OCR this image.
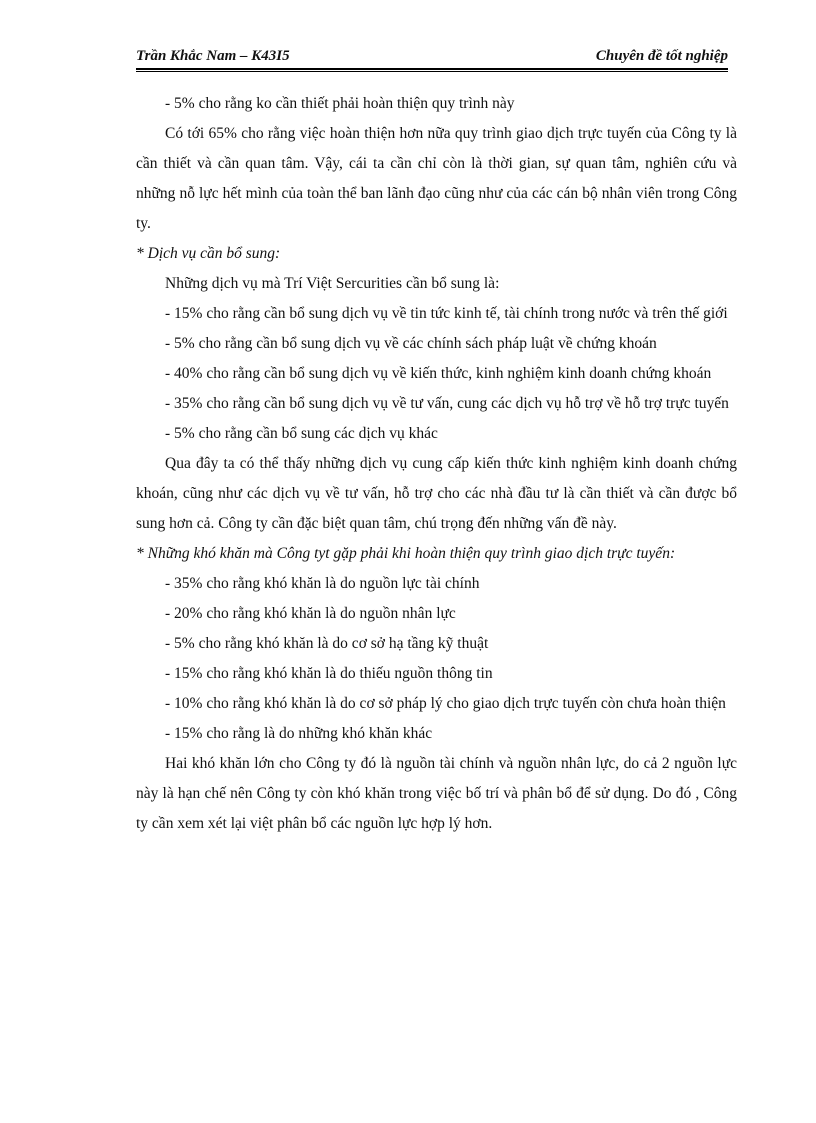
Trần Khắc Nam – K43I5	Chuyên đề tốt nghiệp

- 5% cho rằng ko cần thiết phải hoàn thiện quy trình này

Có tới 65% cho rằng việc hoàn thiện hơn nữa quy trình giao dịch trực tuyến của Công ty là cần thiết và cần quan tâm. Vậy, cái ta cần chỉ còn là thời gian, sự quan tâm, nghiên cứu và những nỗ lực hết mình của toàn thể ban lãnh đạo cũng như của các cán bộ nhân viên trong Công ty.

* Dịch vụ cần bổ sung:

Những dịch vụ mà Trí Việt Sercurities cần bổ sung là:

- 15% cho rằng cần bổ sung dịch vụ về tin tức kinh tế, tài chính trong nước và trên thế giới

- 5% cho rằng cần bổ sung dịch vụ về các chính sách pháp luật về chứng khoán

- 40% cho rằng cần bổ sung dịch vụ về kiến thức, kinh nghiệm kinh doanh chứng khoán

- 35% cho rằng cần bổ sung dịch vụ về tư vấn, cung các dịch vụ hỗ trợ về hỗ trợ trực tuyến

- 5% cho rằng cần bổ sung các dịch vụ khác

Qua đây ta có thể thấy những dịch vụ cung cấp kiến thức kinh nghiệm kinh doanh chứng khoán, cũng như các dịch vụ về tư vấn, hỗ trợ cho các nhà đầu tư là cần thiết và cần được bổ sung hơn cả. Công ty cần đặc biệt quan tâm, chú trọng đến những vấn đề này.

* Những khó khăn mà Công tyt gặp phải khi hoàn thiện quy trình giao dịch trực tuyến:

- 35% cho rằng khó khăn là do nguồn lực tài chính

- 20% cho rằng khó khăn là do nguồn nhân lực

- 5% cho rằng khó khăn là do cơ sở hạ tầng kỹ thuật

- 15% cho rằng khó khăn là do thiếu nguồn thông tin

- 10% cho rằng khó khăn là do cơ sở pháp lý cho giao dịch trực tuyến còn chưa hoàn thiện

- 15% cho rằng là do những khó khăn khác

Hai khó khăn lớn cho Công ty đó là nguồn tài chính và nguồn nhân lực, do cả 2 nguồn lực này là hạn chế nên Công ty còn khó khăn trong việc bố trí và phân bổ để sử dụng. Do đó , Công ty cần xem xét lại việt phân bổ các nguồn lực hợp lý hơn.
